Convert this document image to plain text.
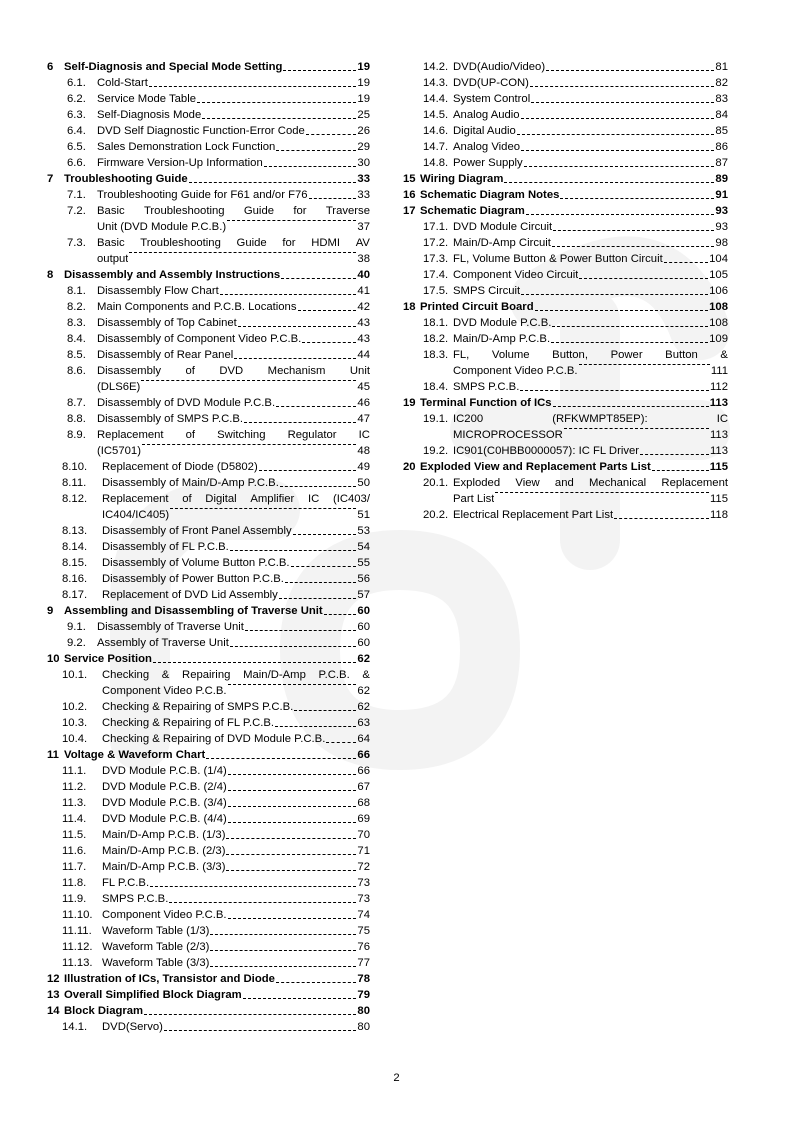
6 Self-Diagnosis and Special Mode Setting	19
6.1. Cold-Start	19
6.2. Service Mode Table	19
6.3. Self-Diagnosis Mode	25
6.4. DVD Self Diagnostic Function-Error Code	26
6.5. Sales Demonstration Lock Function	29
6.6. Firmware Version-Up Information	30
7 Troubleshooting Guide	33
7.1. Troubleshooting Guide for F61 and/or F76	33
7.2. Basic Troubleshooting Guide for Traverse
Unit (DVD Module P.C.B.)	37
7.3. Basic Troubleshooting Guide for HDMI AV
output	38
8 Disassembly and Assembly Instructions	40
8.1. Disassembly Flow Chart	41
8.2. Main Components and P.C.B. Locations	42
8.3. Disassembly of Top Cabinet	43
8.4. Disassembly of Component Video P.C.B.	43
8.5. Disassembly of Rear Panel	44
8.6. Disassembly of DVD Mechanism Unit
(DLS6E)	45
8.7. Disassembly of DVD Module P.C.B.	46
8.8. Disassembly of SMPS P.C.B.	47
8.9. Replacement of Switching Regulator IC
(IC5701)	48
8.10.	Replacement of Diode (D5802)	49
8.11.	Disassembly of Main/D-Amp P.C.B.	50
8.12.	Replacement of Digital Amplifier IC (IC403/
IC404/IC405)	51
8.13.	Disassembly of Front Panel Assembly	53
8.14.	Disassembly of FL P.C.B.	54
8.15.	Disassembly of Volume Button P.C.B.	55
8.16.	Disassembly of Power Button P.C.B.	56
8.17.	Replacement of DVD Lid Assembly	57
9 Assembling and Disassembling of Traverse Unit	60
9.1. Disassembly of Traverse Unit	60
9.2. Assembly of Traverse Unit	60
10 Service Position	62
10.1.	Checking & Repairing Main/D-Amp P.C.B. &
Component Video P.C.B.	62
10.2.	Checking & Repairing of SMPS P.C.B.	62
10.3.	Checking & Repairing of FL P.C.B.	63
10.4.	Checking & Repairing of DVD Module P.C.B.	64
11 Voltage & Waveform Chart	66
11.1.	DVD Module P.C.B. (1/4)	66
11.2.	DVD Module P.C.B. (2/4)	67
11.3.	DVD Module P.C.B. (3/4)	68
11.4.	DVD Module P.C.B. (4/4)	69
11.5.	Main/D-Amp P.C.B. (1/3)	70
11.6.	Main/D-Amp P.C.B. (2/3)	71
11.7.	Main/D-Amp P.C.B. (3/3)	72
11.8.	FL P.C.B.	73
11.9.	SMPS P.C.B.	73
11.10. Component Video P.C.B.	74
11.11. Waveform Table (1/3)	75
11.12. Waveform Table (2/3)	76
11.13. Waveform Table (3/3)	77
12 Illustration of ICs, Transistor and Diode	78
13 Overall Simplified Block Diagram	79
14 Block Diagram	80
14.1.	DVD(Servo)	80
14.2. DVD(Audio/Video)	81
14.3. DVD(UP-CON)	82
14.4. System Control	83
14.5. Analog Audio	84
14.6. Digital Audio	85
14.7. Analog Video	86
14.8. Power Supply	87
15 Wiring Diagram	89
16 Schematic Diagram Notes	91
17 Schematic Diagram	93
17.1. DVD Module Circuit	93
17.2. Main/D-Amp Circuit	98
17.3. FL, Volume Button & Power Button Circuit	104
17.4. Component Video Circuit	105
17.5. SMPS Circuit	106
18 Printed Circuit Board	108
18.1. DVD Module P.C.B.	108
18.2. Main/D-Amp P.C.B.	109
18.3. FL, Volume Button, Power Button &
Component Video P.C.B.	111
18.4. SMPS P.C.B.	112
19 Terminal Function of ICs	113
19.1. IC200	(RFKWMPT85EP):	IC
MICROPROCESSOR	113
19.2. IC901(C0HBB0000057): IC FL Driver	113
20 Exploded View and Replacement Parts List	115
20.1. Exploded View and Mechanical Replacement
Part List	115
20.2. Electrical Replacement Part List	118
2
